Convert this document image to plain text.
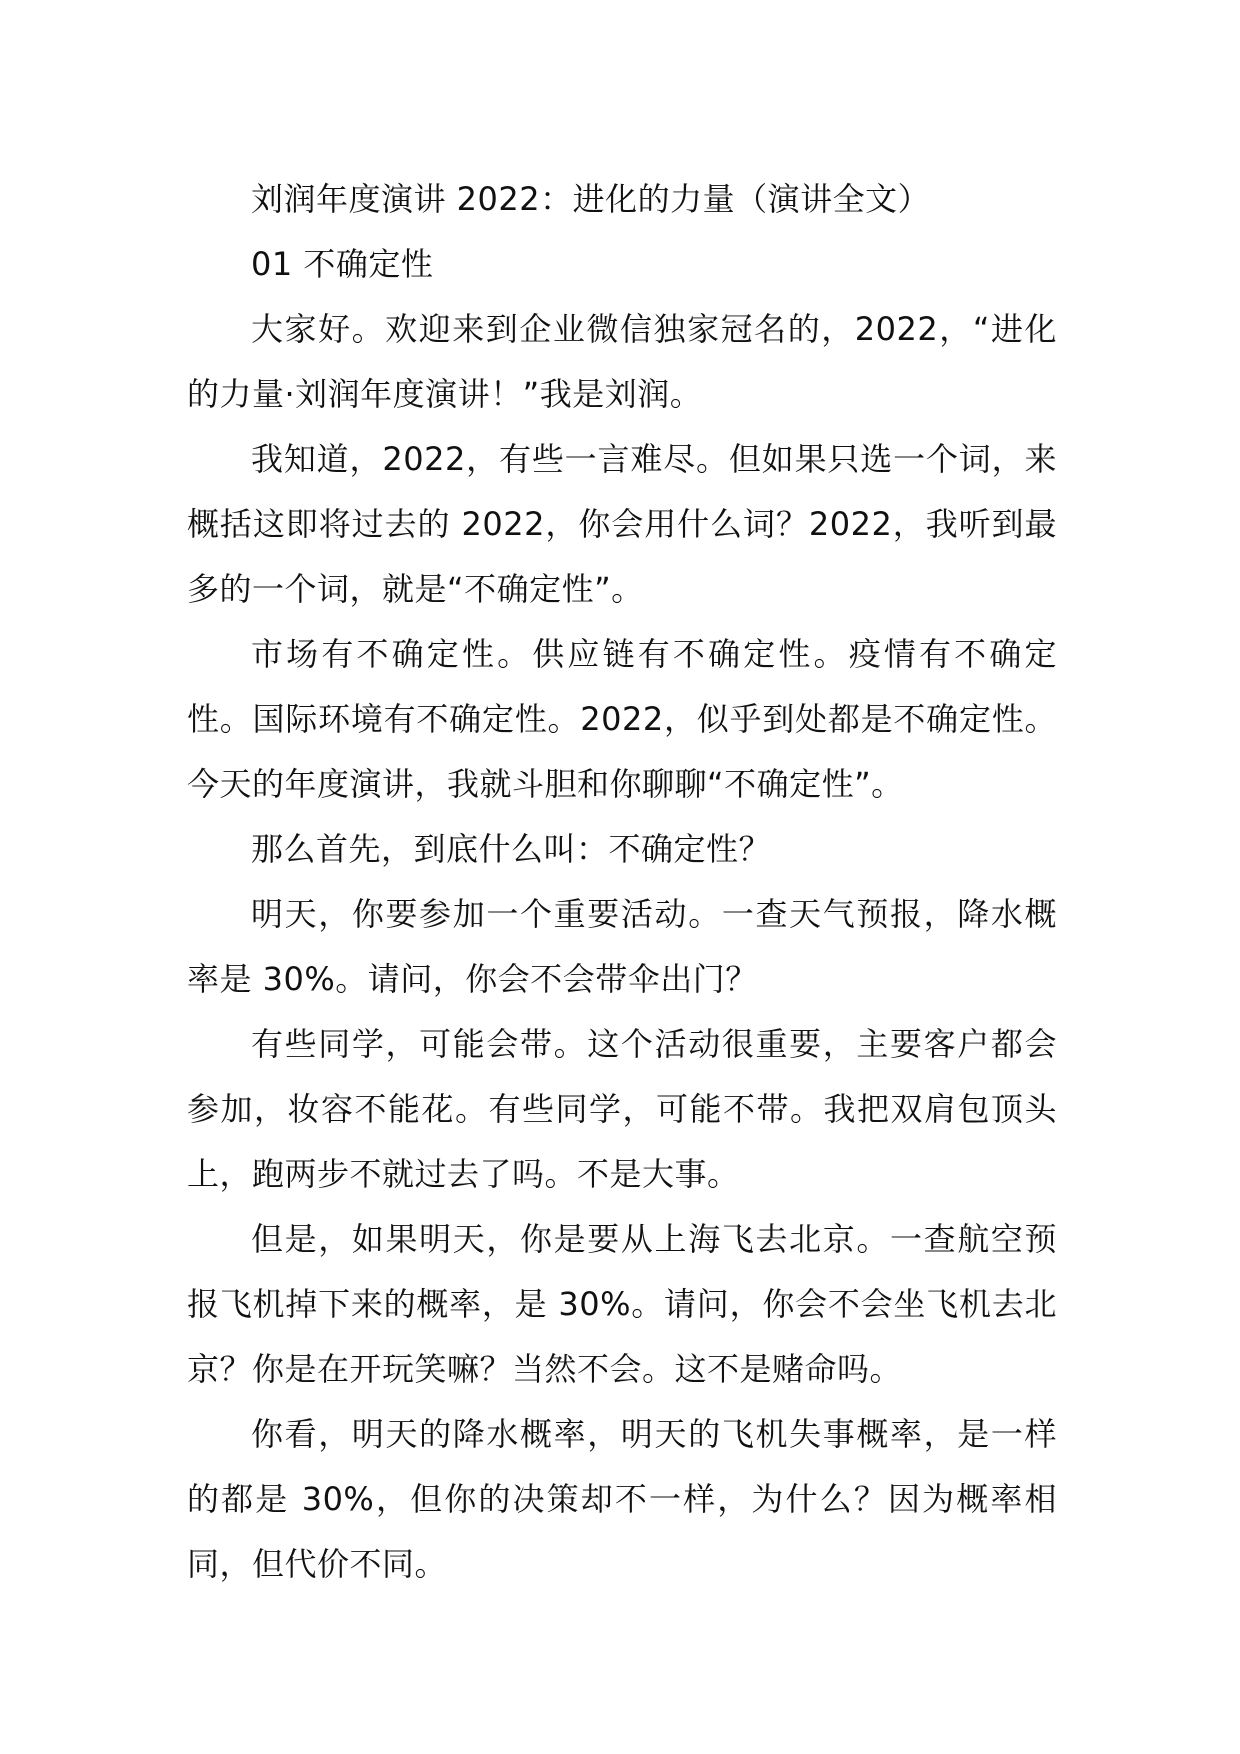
刘润年度演讲 2022：进化的力量（演讲全文）

01 不确定性

大家好。欢迎来到企业微信独家冠名的，2022，“进化的力量·刘润年度演讲！”我是刘润。

我知道，2022，有些一言难尽。但如果只选一个词，来概括这即将过去的 2022，你会用什么词？2022，我听到最多的一个词，就是“不确定性”。

市场有不确定性。供应链有不确定性。疫情有不确定性。国际环境有不确定性。2022，似乎到处都是不确定性。今天的年度演讲，我就斗胆和你聊聊“不确定性”。

那么首先，到底什么叫：不确定性？

明天，你要参加一个重要活动。一查天气预报，降水概率是 30%。请问，你会不会带伞出门？

有些同学，可能会带。这个活动很重要，主要客户都会参加，妆容不能花。有些同学，可能不带。我把双肩包顶头上，跑两步不就过去了吗。不是大事。

但是，如果明天，你是要从上海飞去北京。一查航空预报飞机掉下来的概率，是 30%。请问，你会不会坐飞机去北京？你是在开玩笑嘛？当然不会。这不是赌命吗。

你看，明天的降水概率，明天的飞机失事概率，是一样的都是 30%，但你的决策却不一样，为什么？因为概率相同，但代价不同。
